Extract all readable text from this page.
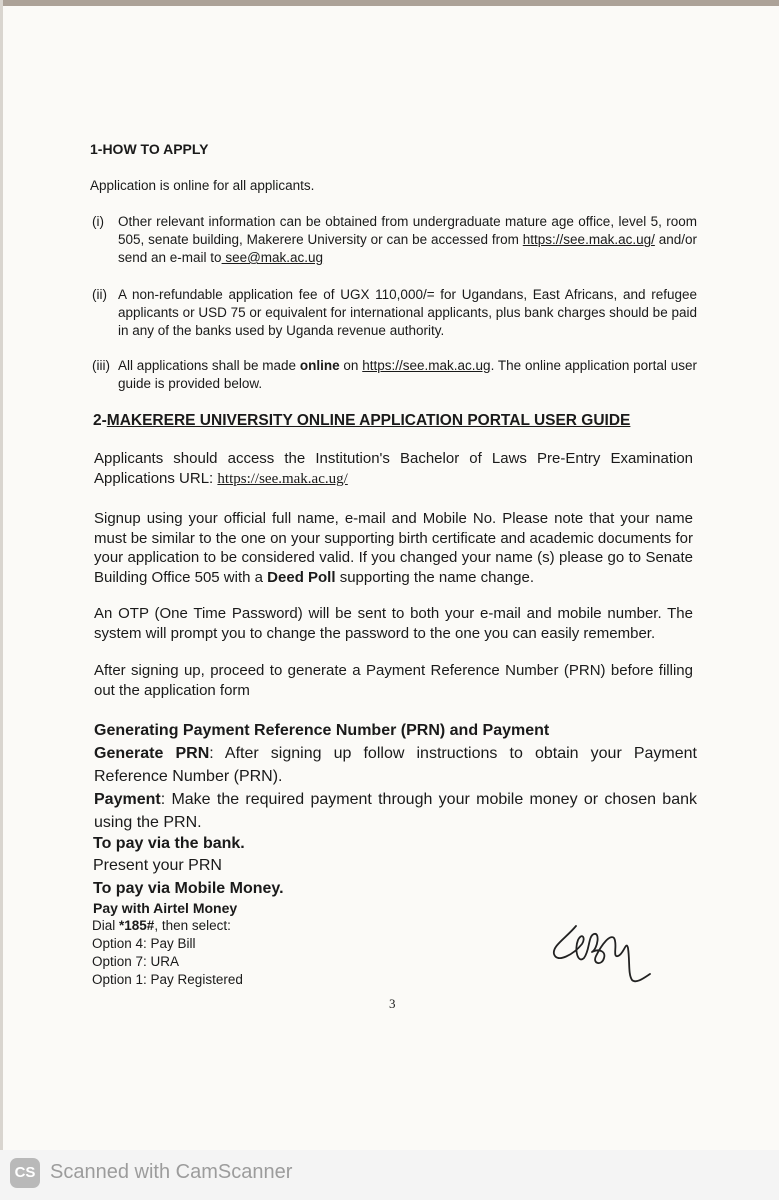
1-HOW TO APPLY
Application is online for all applicants.
(i)	Other relevant information can be obtained from undergraduate mature age office, level 5, room 505, senate building, Makerere University or can be accessed from https://see.mak.ac.ug/ and/or send an e-mail to see@mak.ac.ug
(ii) A non-refundable application fee of UGX 110,000/= for Ugandans, East Africans, and refugee applicants or USD 75 or equivalent for international applicants, plus bank charges should be paid in any of the banks used by Uganda revenue authority.
(iii) All applications shall be made online on https://see.mak.ac.ug. The online application portal user guide is provided below.
2-MAKERERE UNIVERSITY ONLINE APPLICATION PORTAL USER GUIDE
Applicants should access the Institution's Bachelor of Laws Pre-Entry Examination Applications URL: https://see.mak.ac.ug/
Signup using your official full name, e-mail and Mobile No. Please note that your name must be similar to the one on your supporting birth certificate and academic documents for your application to be considered valid. If you changed your name (s) please go to Senate Building Office 505 with a Deed Poll supporting the name change.
An OTP (One Time Password) will be sent to both your e-mail and mobile number. The system will prompt you to change the password to the one you can easily remember.
After signing up, proceed to generate a Payment Reference Number (PRN) before filling out the application form
Generating Payment Reference Number (PRN) and Payment
Generate PRN: After signing up follow instructions to obtain your Payment Reference Number (PRN).
Payment: Make the required payment through your mobile money or chosen bank using the PRN.
To pay via the bank.
Present your PRN
To pay via Mobile Money.
Pay with Airtel Money
Dial *185#, then select:
Option 4: Pay Bill
Option 7: URA
Option 1: Pay Registered
3
CS Scanned with CamScanner
